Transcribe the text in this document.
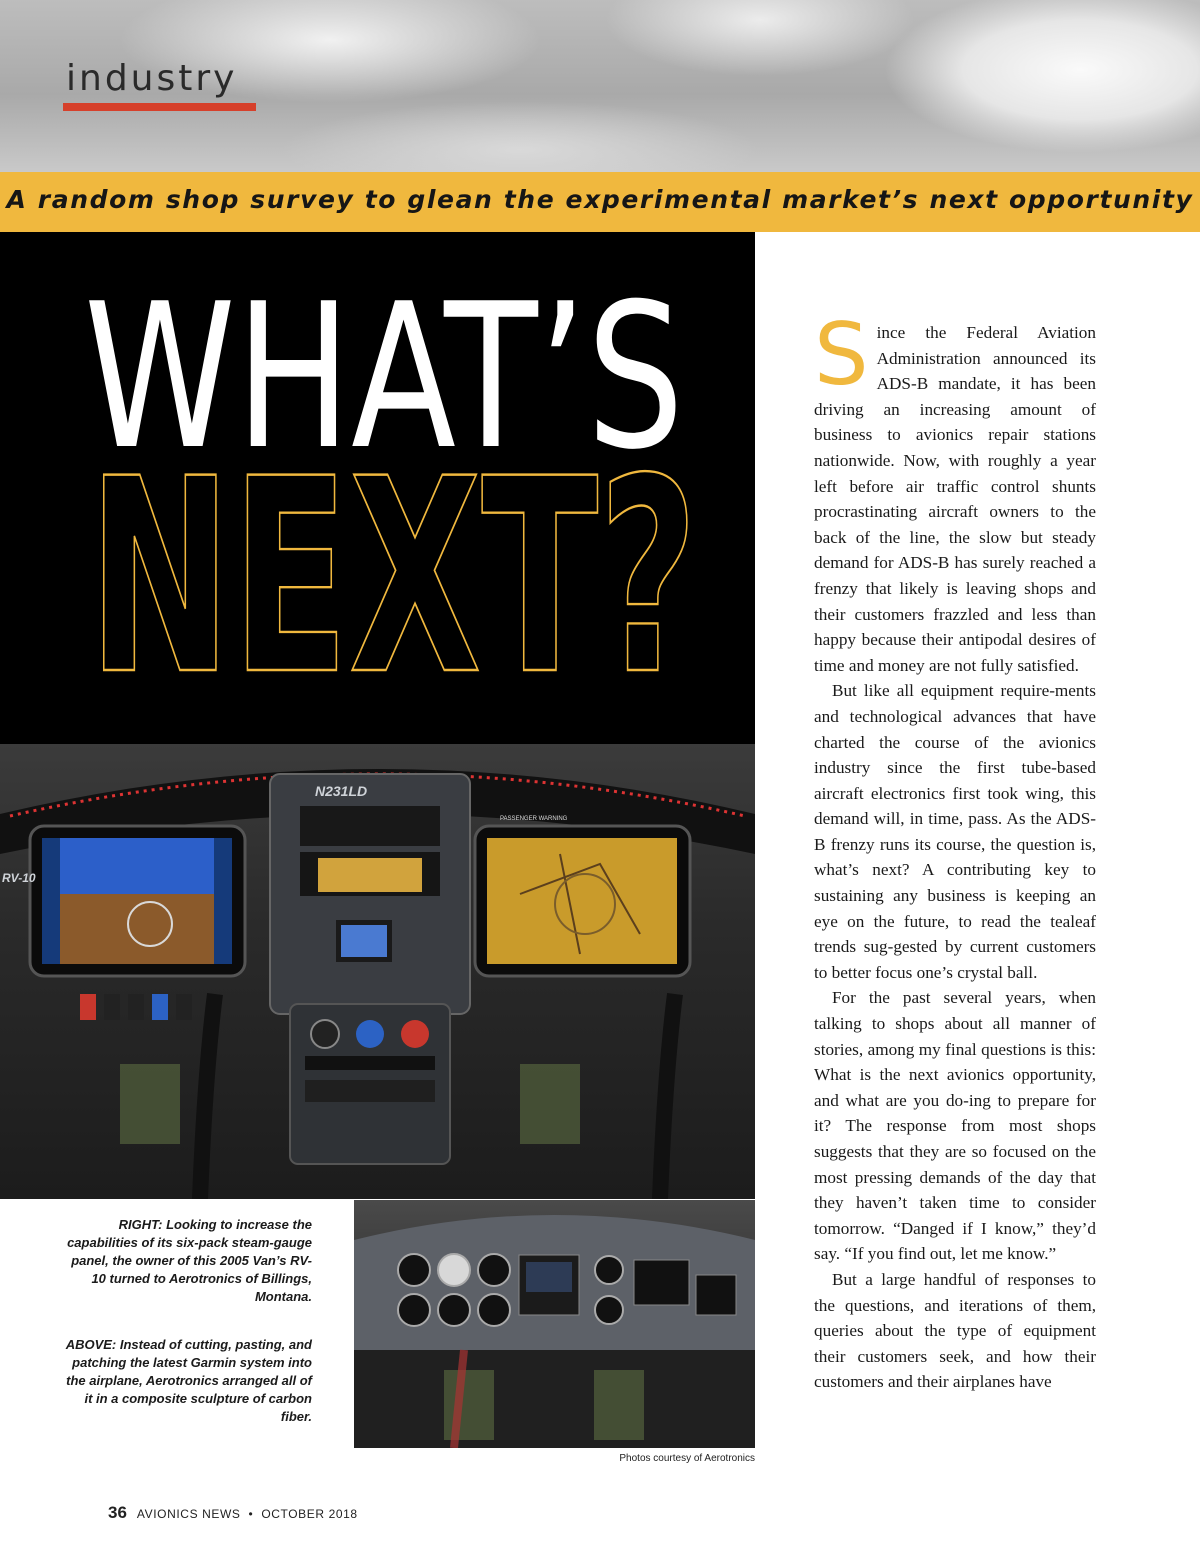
industry
A random shop survey to glean the experimental market’s next opportunity
WHAT’S
NEXT?
N231LD
RV-10
PASSENGER WARNING
RIGHT: Looking to increase the capabilities of its six-pack steam-gauge panel, the owner of this 2005 Van’s RV-10 turned to Aerotronics of Billings, Montana.
ABOVE: Instead of cutting, pasting, and patching the latest Garmin system into the airplane, Aerotronics arranged all of it in a composite sculpture of carbon fiber.
Photos courtesy of Aerotronics

Since the Federal Aviation Administration announced its ADS-B mandate, it has been driving an increasing amount of business to avionics repair stations nationwide. Now, with roughly a year left before air traffic control shunts procrastinating aircraft owners to the back of the line, the slow but steady demand for ADS-B has surely reached a frenzy that likely is leaving shops and their customers frazzled and less than happy because their antipodal desires of time and money are not fully satisfied.

But like all equipment require-ments and technological advances that have charted the course of the avionics industry since the first tube-based aircraft electronics first took wing, this demand will, in time, pass. As the ADS-B frenzy runs its course, the question is, what’s next? A contributing key to sustaining any business is keeping an eye on the future, to read the tealeaf trends sug-gested by current customers to better focus one’s crystal ball.

For the past several years, when talking to shops about all manner of stories, among my final questions is this: What is the next avionics opportunity, and what are you do-ing to prepare for it? The response from most shops suggests that they are so focused on the most pressing demands of the day that they haven’t taken time to consider tomorrow. “Danged if I know,” they’d say. “If you find out, let me know.”

But a large handful of responses to the questions, and iterations of them, queries about the type of equipment their customers seek, and how their customers and their airplanes have

36 AVIONICS NEWS • OCTOBER 2018
